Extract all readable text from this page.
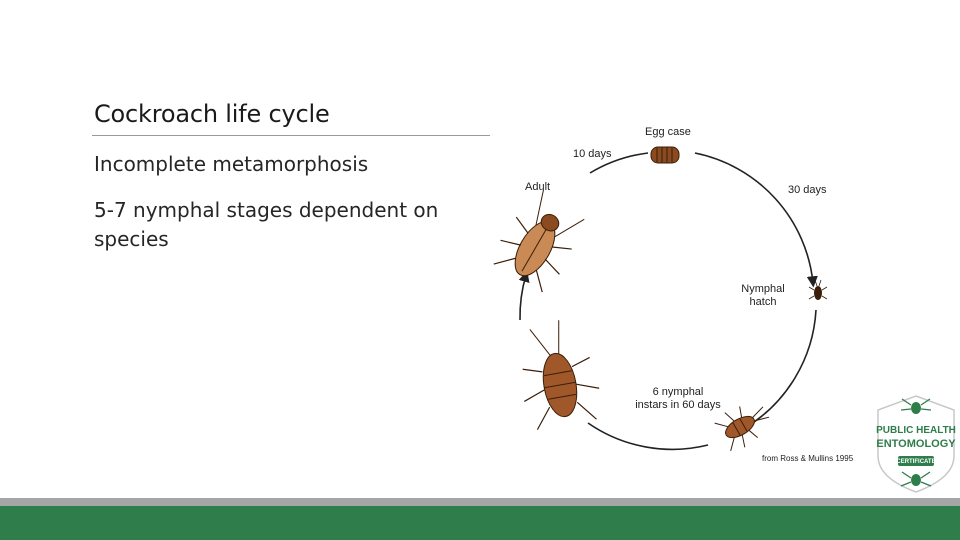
Cockroach life cycle
Incomplete metamorphosis
5-7 nymphal stages dependent on species
Egg case
10 days
30 days
Adult
Nymphal
hatch
6 nymphal
instars in 60 days
from Ross & Mullins 1995
PUBLIC HEALTH
ENTOMOLOGY
CERTIFICATE
